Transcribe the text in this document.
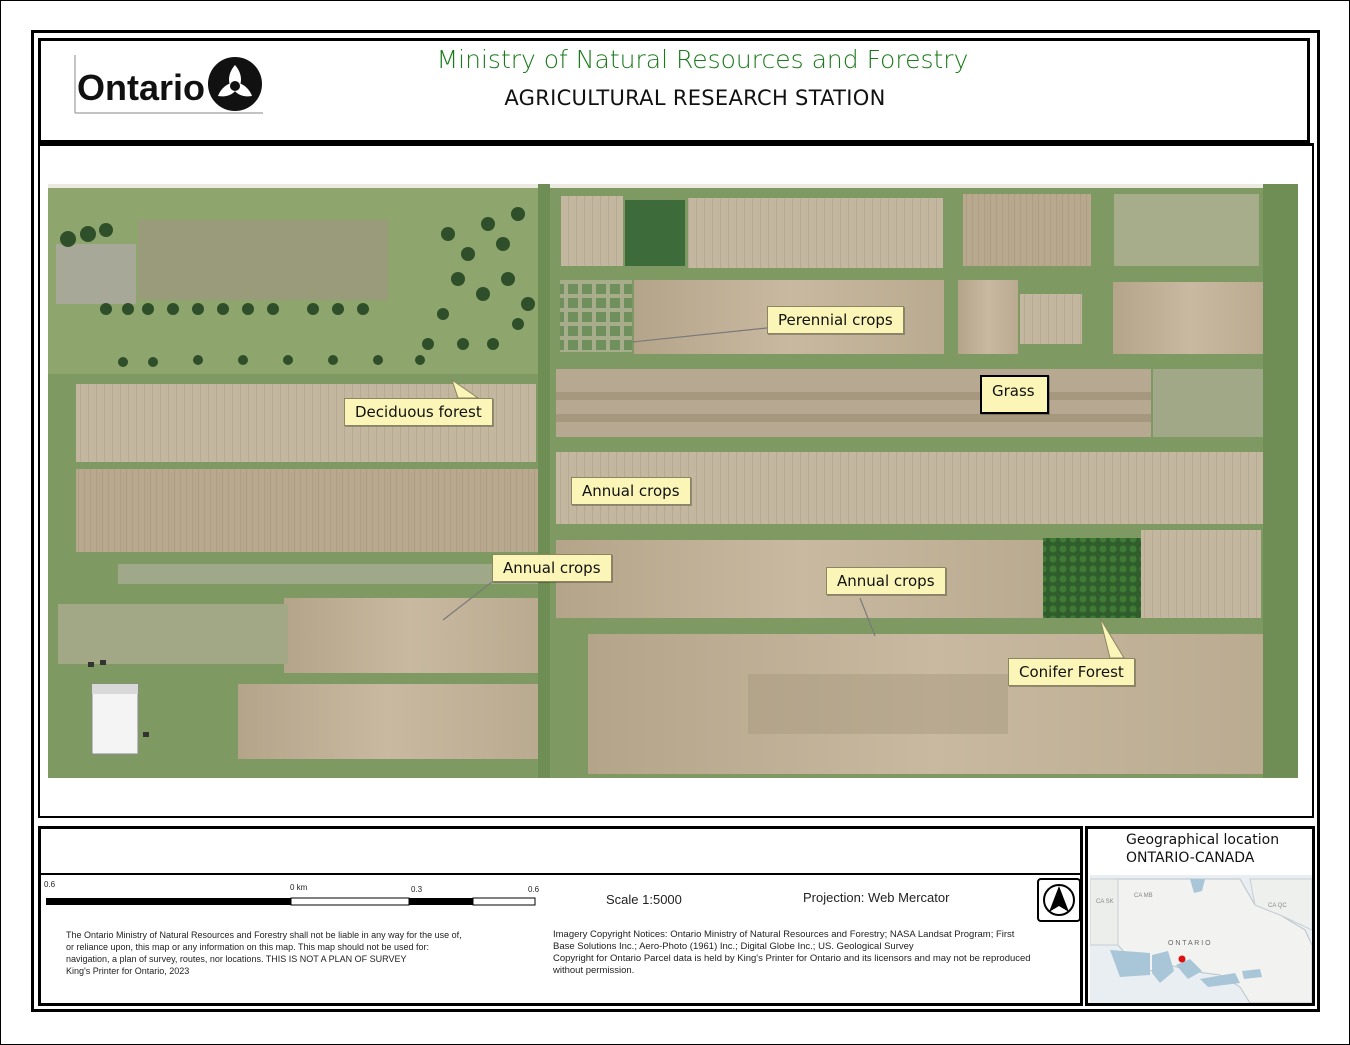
Ontario
Ministry of Natural Resources and Forestry
AGRICULTURAL RESEARCH STATION
Perennial crops
Grass
Deciduous forest
Annual crops
Annual crops
Annual crops
Conifer Forest
0.6	0 km	0.3	0.6
Scale 1:5000	Projection: Web Mercator
The Ontario Ministry of Natural Resources and Forestry shall not be liable in any way for the use of, or reliance upon, this map or any information on this map. This map should not be used for: navigation, a plan of survey, routes, nor locations. THIS IS NOT A PLAN OF SURVEY
King's Printer for Ontario, 2023
Imagery Copyright Notices: Ontario Ministry of Natural Resources and Forestry; NASA Landsat Program; First Base Solutions Inc.; Aero-Photo (1961) Inc.; Digital Globe Inc.; US. Geological Survey
Copyright for Ontario Parcel data is held by King's Printer for Ontario and its licensors and may not be reproduced without permission.
Geographical location
ONTARIO-CANADA
O N T A R I O
CA SK
CA MB
CA QC
